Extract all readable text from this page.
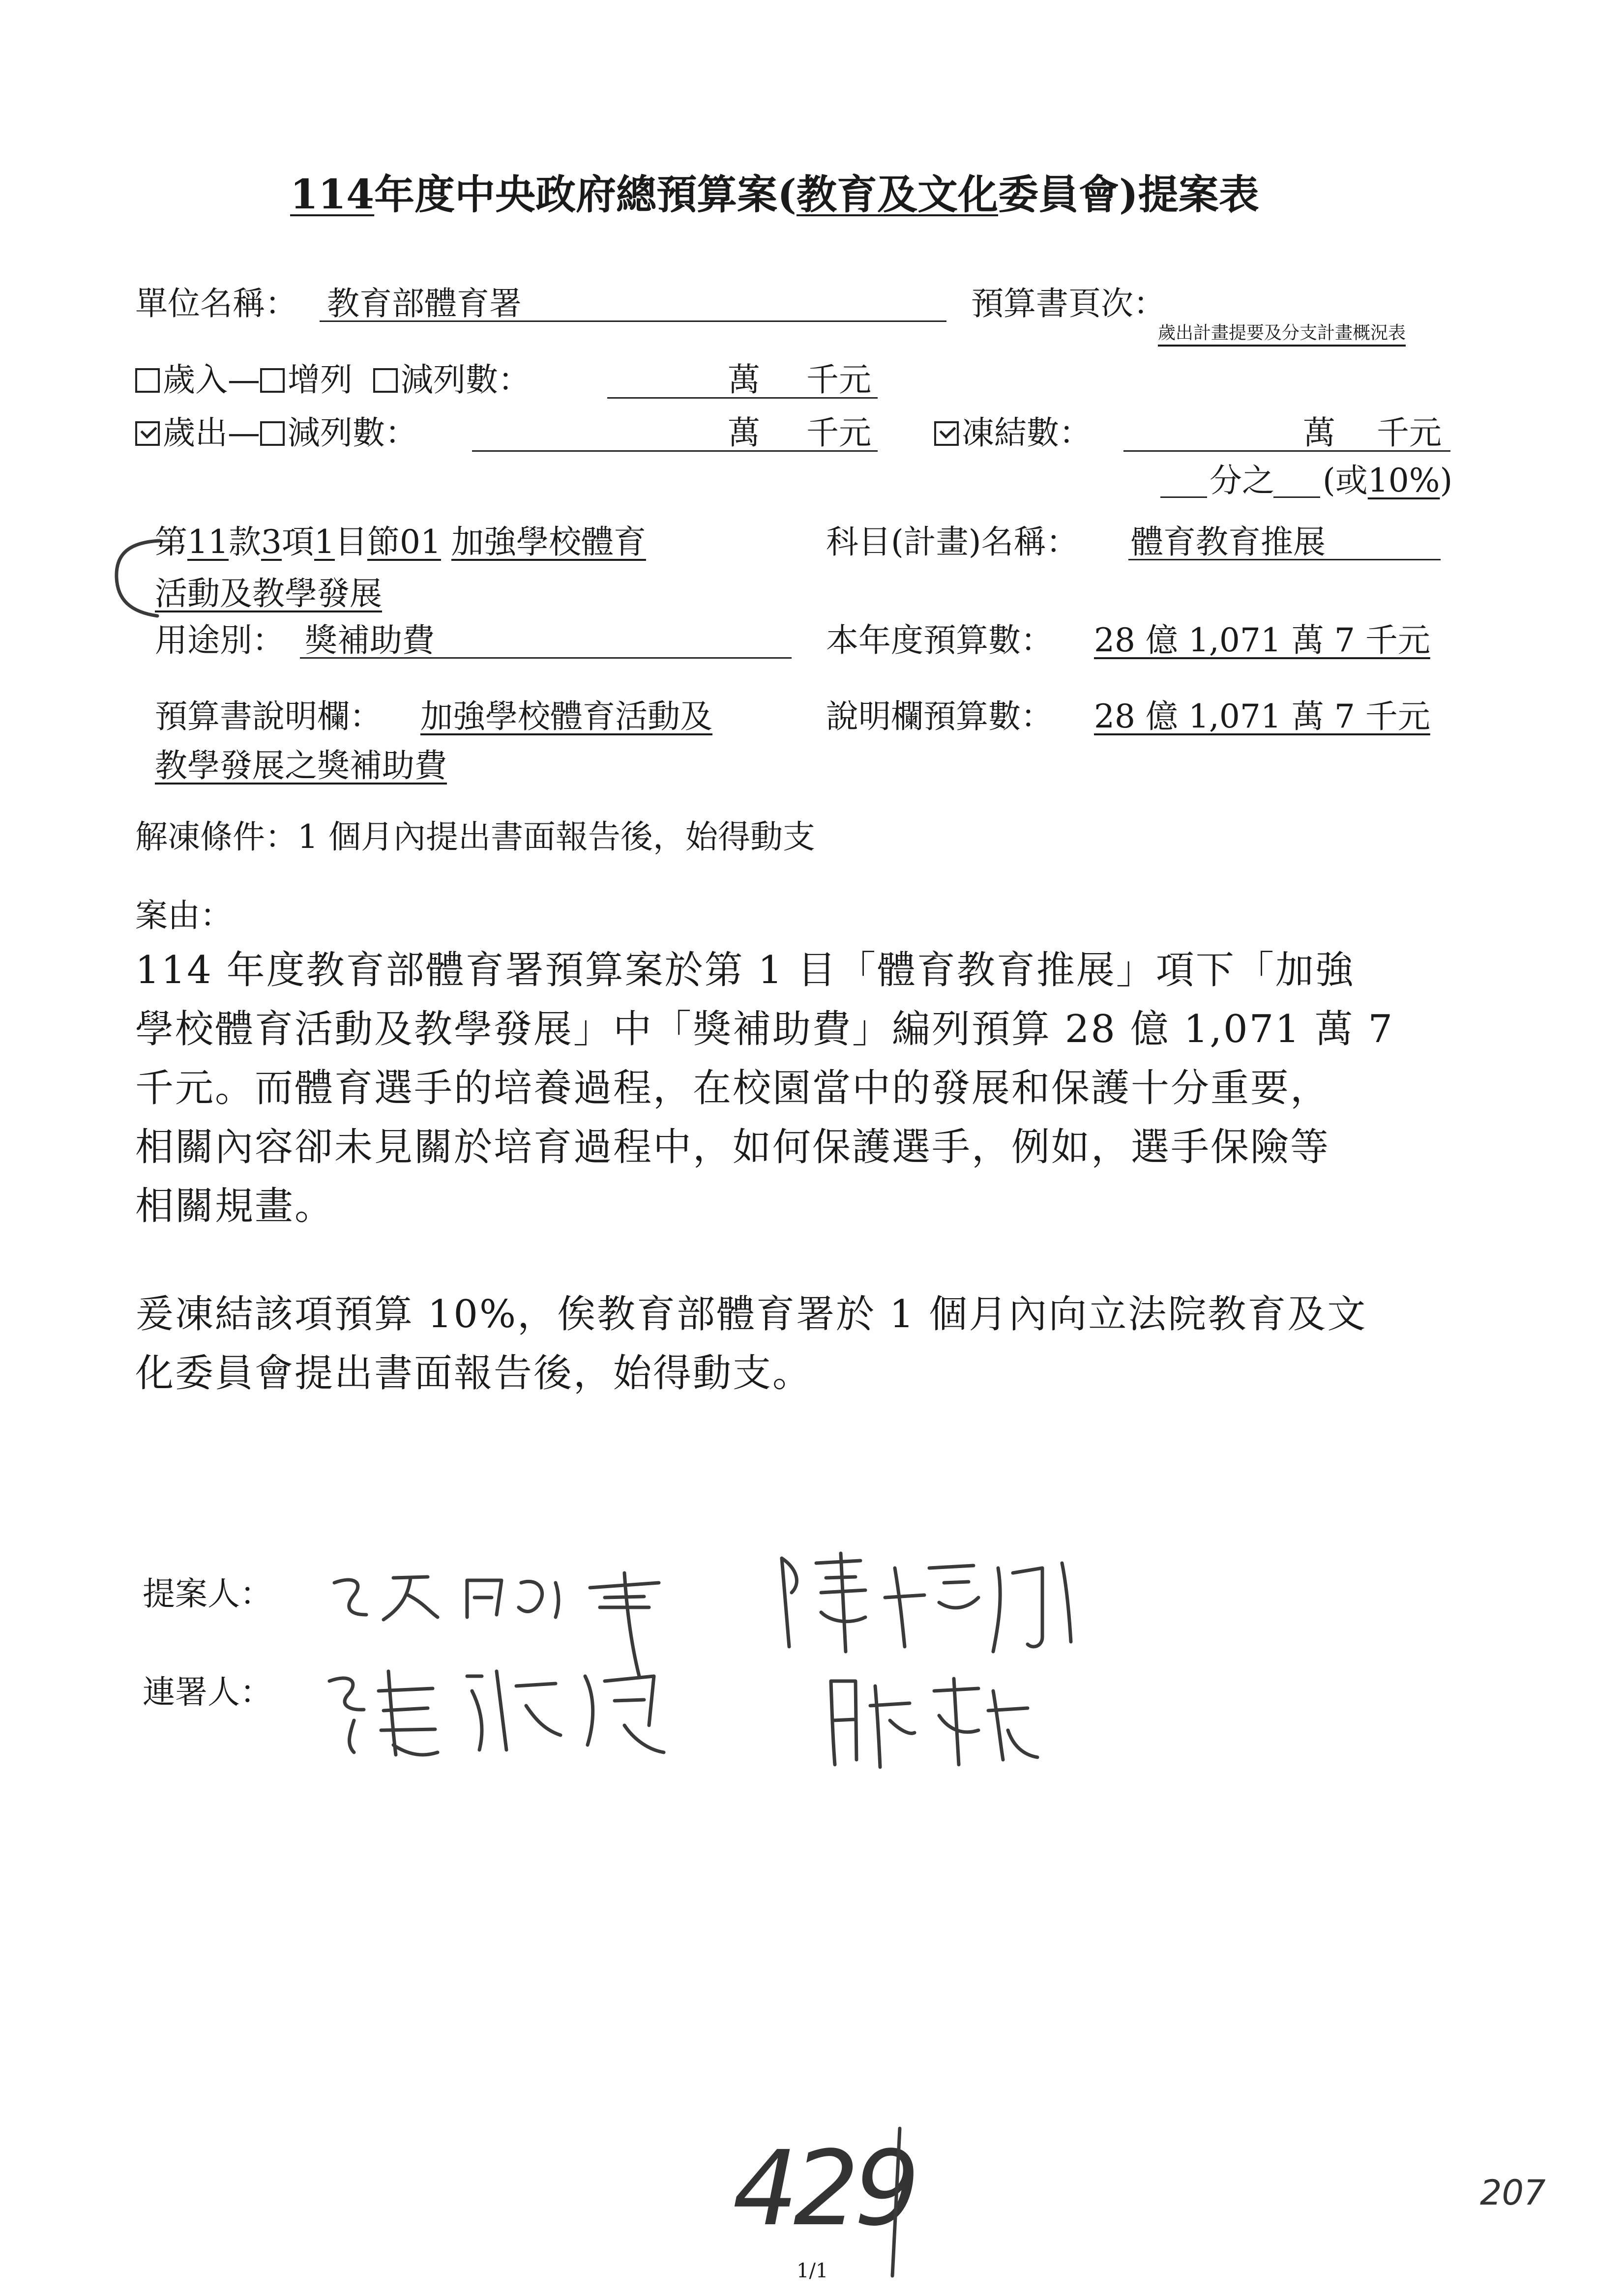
114年度中央政府總預算案(教育及文化委員會)提案表
單位名稱： 教育部體育署	預算書頁次：
歲出計畫提要及分支計畫概況表
歲入— 增列 減列數：	萬 千元
歲出— 減列數：	萬 千元	凍結數：	萬 千元
分之 (或10%)
第11款3項1目節01 加強學校體育
活動及教學發展
科目(計畫)名稱： 體育教育推展
用途別： 獎補助費	本年度預算數： 28 億 1,071 萬 7 千元
預算書說明欄： 加強學校體育活動及
教學發展之獎補助費
說明欄預算數： 28 億 1,071 萬 7 千元
解凍條件：1 個月內提出書面報告後，始得動支
案由：
114 年度教育部體育署預算案於第 1 目「體育教育推展」項下「加強
學校體育活動及教學發展」中「獎補助費」編列預算 28 億 1,071 萬 7
千元。而體育選手的培養過程，在校園當中的發展和保護十分重要，
相關內容卻未見關於培育過程中，如何保護選手，例如，選手保險等
相關規畫。
爰凍結該項預算 10%，俟教育部體育署於 1 個月內向立法院教育及文
化委員會提出書面報告後，始得動支。
提案人：
連署人：
429	207
1/1
